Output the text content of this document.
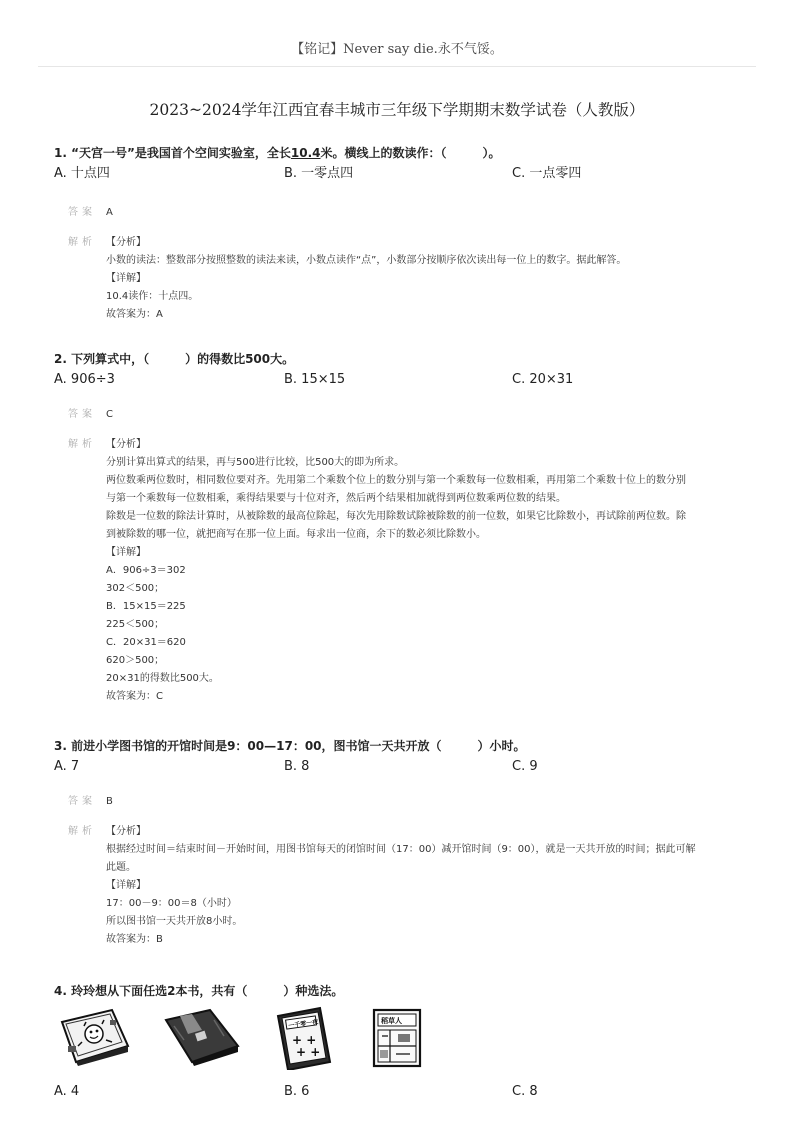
【铭记】Never say die.永不气馁。
2023~2024学年江西宜春丰城市三年级下学期期末数学试卷（人教版）
1. “天宫一号”是我国首个空间实验室，全长10.4米。横线上的数读作：（　　　）。
A. 十点四	B. 一零点四	C. 一点零四
答案 A
解析 【分析】
小数的读法：整数部分按照整数的读法来读，小数点读作“点”，小数部分按顺序依次读出每一位上的数字。据此解答。
【详解】
10.4读作：十点四。
故答案为：A
2. 下列算式中，（　　　）的得数比500大。
A. 906÷3	B. 15×15	C. 20×31
答案 C
解析 【分析】
分别计算出算式的结果，再与500进行比较，比500大的即为所求。
两位数乘两位数时，相同数位要对齐。先用第二个乘数个位上的数分别与第一个乘数每一位数相乘，再用第二个乘数十位上的数分别
与第一个乘数每一位数相乘，乘得结果要与十位对齐，然后两个结果相加就得到两位数乘两位数的结果。
除数是一位数的除法计算时，从被除数的最高位除起，每次先用除数试除被除数的前一位数，如果它比除数小，再试除前两位数。除
到被除数的哪一位，就把商写在那一位上面。每求出一位商，余下的数必须比除数小。
【详解】
A．906÷3＝302
302＜500；
B．15×15＝225
225＜500；
C．20×31＝620
620＞500；
20×31的得数比500大。
故答案为：C
3. 前进小学图书馆的开馆时间是9：00—17：00，图书馆一天共开放（　　　）小时。
A. 7	B. 8	C. 9
答案 B
解析 【分析】
根据经过时间＝结束时间－开始时间，用图书馆每天的闭馆时间（17：00）减开馆时间（9：00），就是一天共开放的时间；据此可解
此题。
【详解】
17：00－9：00＝8（小时）
所以图书馆一天共开放8小时。
故答案为：B
4. 玲玲想从下面任选2本书，共有（　　　）种选法。
一千零一夜
+ +
+ +
稻草人
A. 4	B. 6	C. 8
